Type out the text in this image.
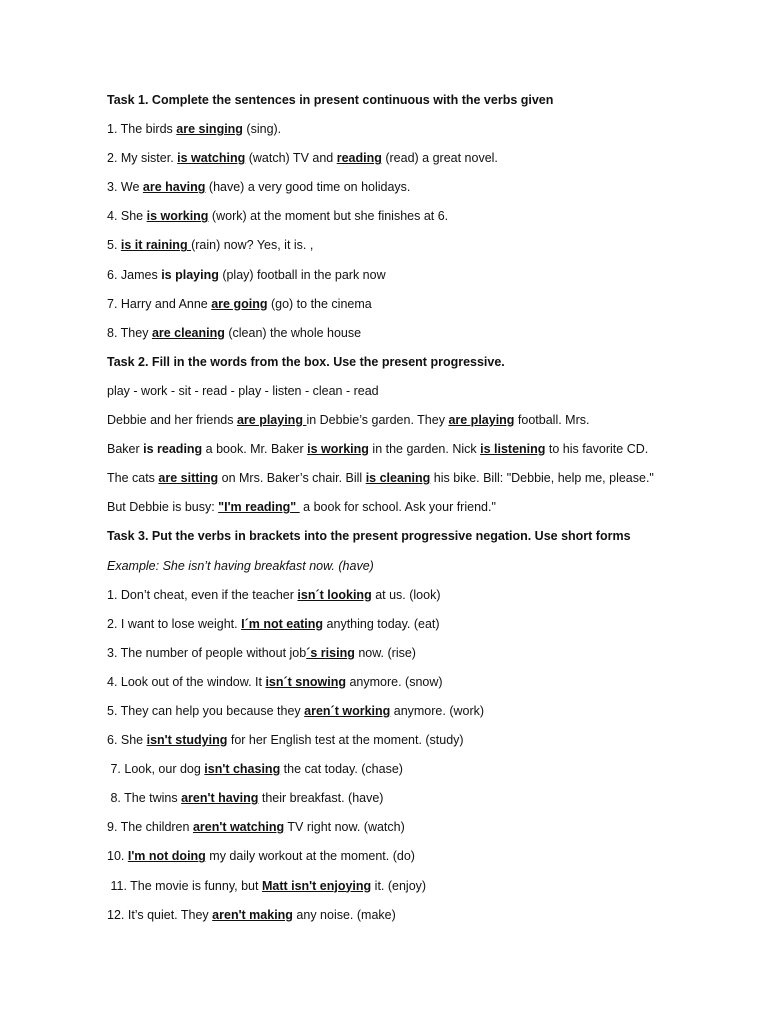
Task 1. Complete the sentences in present continuous with the verbs given
1. The birds are singing (sing).
2. My sister. is watching (watch) TV and reading (read) a great novel.
3. We are having (have) a very good time on holidays.
4. She is working (work) at the moment but she finishes at 6.
5. is it raining (rain) now? Yes, it is. ,
6. James is playing (play) football in the park now
7. Harry and Anne are going (go) to the cinema
8. They are cleaning (clean) the whole house
Task 2. Fill in the words from the box. Use the present progressive.
play - work - sit - read - play - listen - clean - read
Debbie and her friends are playing in Debbie’s garden. They are playing football. Mrs.
Baker is reading a book. Mr. Baker is working in the garden. Nick is listening to his favorite CD.
The cats are sitting on Mrs. Baker’s chair. Bill is cleaning his bike. Bill: "Debbie, help me, please."
But Debbie is busy: "I'm reading"  a book for school. Ask your friend."
Task 3. Put the verbs in brackets into the present progressive negation. Use short forms
Example: She isn’t having breakfast now. (have)
1. Don’t cheat, even if the teacher isn´t looking at us. (look)
2. I want to lose weight. I´m not eating anything today. (eat)
3. The number of people without job´s rising now. (rise)
4. Look out of the window. It isn´t snowing anymore. (snow)
5. They can help you because they aren´t working anymore. (work)
6. She isn't studying for her English test at the moment. (study)
7. Look, our dog isn't chasing the cat today. (chase)
8. The twins aren't having their breakfast. (have)
9. The children aren't watching TV right now. (watch)
10. I'm not doing my daily workout at the moment. (do)
11. The movie is funny, but Matt isn't enjoying it. (enjoy)
12. It’s quiet. They aren't making any noise. (make)
